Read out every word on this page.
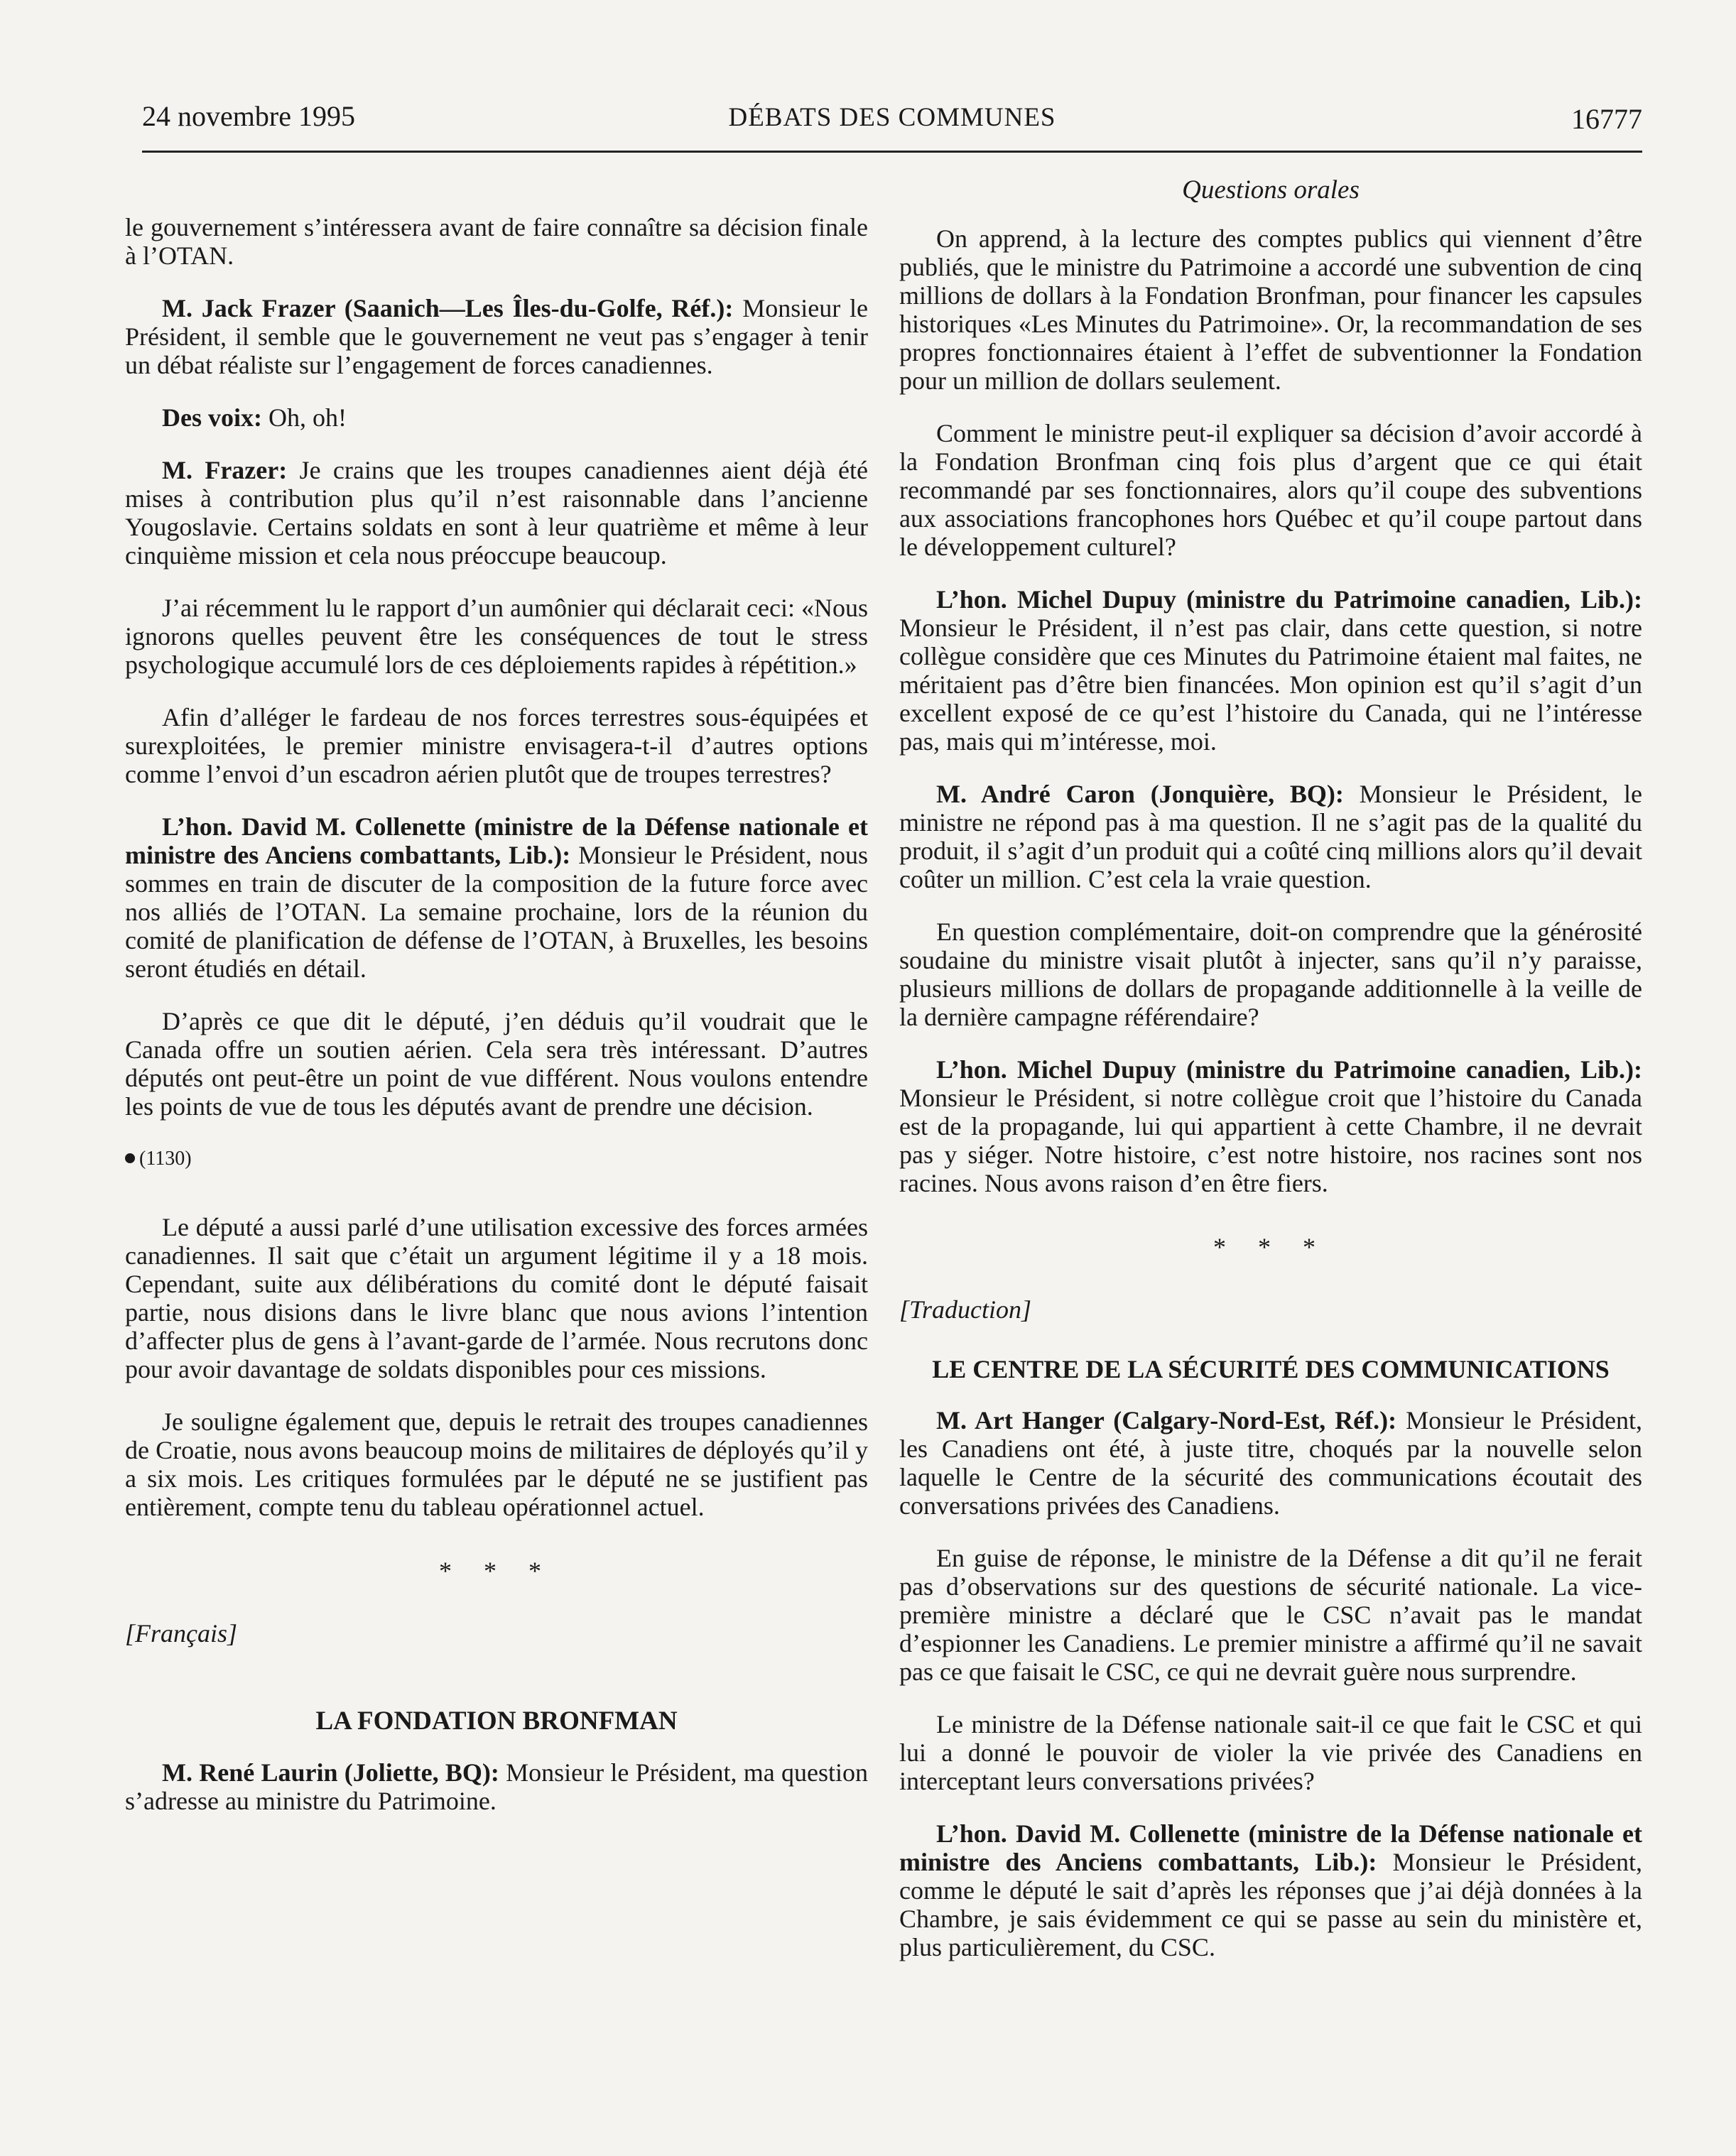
24 novembre 1995	DÉBATS DES COMMUNES	16777

le gouvernement s’intéressera avant de faire connaître sa décision finale à l’OTAN.

M. Jack Frazer (Saanich—Les Îles-du-Golfe, Réf.): Monsieur le Président, il semble que le gouvernement ne veut pas s’engager à tenir un débat réaliste sur l’engagement de forces canadiennes.

Des voix: Oh, oh!

M. Frazer: Je crains que les troupes canadiennes aient déjà été mises à contribution plus qu’il n’est raisonnable dans l’ancienne Yougoslavie. Certains soldats en sont à leur quatrième et même à leur cinquième mission et cela nous préoccupe beaucoup.

J’ai récemment lu le rapport d’un aumônier qui déclarait ceci: «Nous ignorons quelles peuvent être les conséquences de tout le stress psychologique accumulé lors de ces déploiements rapides à répétition.»

Afin d’alléger le fardeau de nos forces terrestres sous-équipées et surexploitées, le premier ministre envisagera-t-il d’autres options comme l’envoi d’un escadron aérien plutôt que de troupes terrestres?

L’hon. David M. Collenette (ministre de la Défense nationale et ministre des Anciens combattants, Lib.): Monsieur le Président, nous sommes en train de discuter de la composition de la future force avec nos alliés de l’OTAN. La semaine prochaine, lors de la réunion du comité de planification de défense de l’OTAN, à Bruxelles, les besoins seront étudiés en détail.

D’après ce que dit le député, j’en déduis qu’il voudrait que le Canada offre un soutien aérien. Cela sera très intéressant. D’autres députés ont peut-être un point de vue différent. Nous voulons entendre les points de vue de tous les députés avant de prendre une décision.

(1130)

Le député a aussi parlé d’une utilisation excessive des forces armées canadiennes. Il sait que c’était un argument légitime il y a 18 mois. Cependant, suite aux délibérations du comité dont le député faisait partie, nous disions dans le livre blanc que nous avions l’intention d’affecter plus de gens à l’avant-garde de l’armée. Nous recrutons donc pour avoir davantage de soldats disponibles pour ces missions.

Je souligne également que, depuis le retrait des troupes canadiennes de Croatie, nous avons beaucoup moins de militaires de déployés qu’il y a six mois. Les critiques formulées par le député ne se justifient pas entièrement, compte tenu du tableau opérationnel actuel.

* * *
[Français]
LA FONDATION BRONFMAN

M. René Laurin (Joliette, BQ): Monsieur le Président, ma question s’adresse au ministre du Patrimoine.

Questions orales

On apprend, à la lecture des comptes publics qui viennent d’être publiés, que le ministre du Patrimoine a accordé une subvention de cinq millions de dollars à la Fondation Bronfman, pour financer les capsules historiques «Les Minutes du Patrimoine». Or, la recommandation de ses propres fonctionnaires étaient à l’effet de subventionner la Fondation pour un million de dollars seulement.

Comment le ministre peut-il expliquer sa décision d’avoir accordé à la Fondation Bronfman cinq fois plus d’argent que ce qui était recommandé par ses fonctionnaires, alors qu’il coupe des subventions aux associations francophones hors Québec et qu’il coupe partout dans le développement culturel?

L’hon. Michel Dupuy (ministre du Patrimoine canadien, Lib.): Monsieur le Président, il n’est pas clair, dans cette question, si notre collègue considère que ces Minutes du Patrimoine étaient mal faites, ne méritaient pas d’être bien financées. Mon opinion est qu’il s’agit d’un excellent exposé de ce qu’est l’histoire du Canada, qui ne l’intéresse pas, mais qui m’intéresse, moi.

M. André Caron (Jonquière, BQ): Monsieur le Président, le ministre ne répond pas à ma question. Il ne s’agit pas de la qualité du produit, il s’agit d’un produit qui a coûté cinq millions alors qu’il devait coûter un million. C’est cela la vraie question.

En question complémentaire, doit-on comprendre que la générosité soudaine du ministre visait plutôt à injecter, sans qu’il n’y paraisse, plusieurs millions de dollars de propagande additionnelle à la veille de la dernière campagne référendaire?

L’hon. Michel Dupuy (ministre du Patrimoine canadien, Lib.): Monsieur le Président, si notre collègue croit que l’histoire du Canada est de la propagande, lui qui appartient à cette Chambre, il ne devrait pas y siéger. Notre histoire, c’est notre histoire, nos racines sont nos racines. Nous avons raison d’en être fiers.

* * *
[Traduction]
LE CENTRE DE LA SÉCURITÉ DES COMMUNICATIONS

M. Art Hanger (Calgary-Nord-Est, Réf.): Monsieur le Président, les Canadiens ont été, à juste titre, choqués par la nouvelle selon laquelle le Centre de la sécurité des communications écoutait des conversations privées des Canadiens.

En guise de réponse, le ministre de la Défense a dit qu’il ne ferait pas d’observations sur des questions de sécurité nationale. La vice-première ministre a déclaré que le CSC n’avait pas le mandat d’espionner les Canadiens. Le premier ministre a affirmé qu’il ne savait pas ce que faisait le CSC, ce qui ne devrait guère nous surprendre.

Le ministre de la Défense nationale sait-il ce que fait le CSC et qui lui a donné le pouvoir de violer la vie privée des Canadiens en interceptant leurs conversations privées?

L’hon. David M. Collenette (ministre de la Défense nationale et ministre des Anciens combattants, Lib.): Monsieur le Président, comme le député le sait d’après les réponses que j’ai déjà données à la Chambre, je sais évidemment ce qui se passe au sein du ministère et, plus particulièrement, du CSC.
